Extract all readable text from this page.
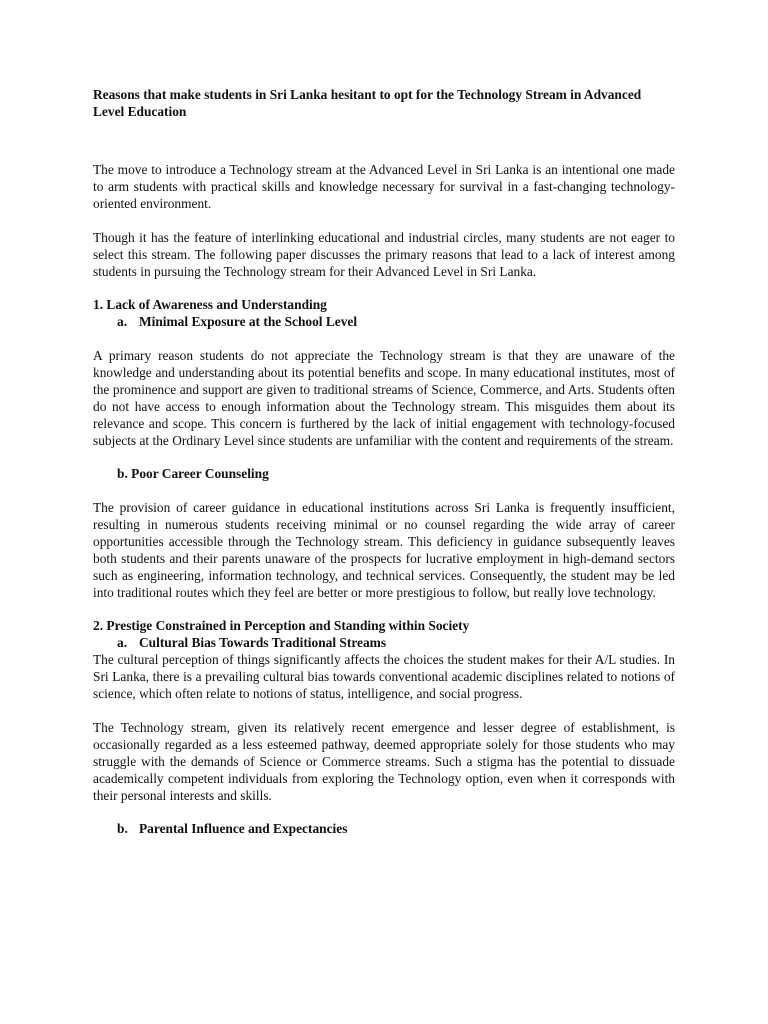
Reasons that make students in Sri Lanka hesitant to opt for the Technology Stream in Advanced Level Education

The move to introduce a Technology stream at the Advanced Level in Sri Lanka is an intentional one made to arm students with practical skills and knowledge necessary for survival in a fast-changing technology-oriented environment.

Though it has the feature of interlinking educational and industrial circles, many students are not eager to select this stream. The following paper discusses the primary reasons that lead to a lack of interest among students in pursuing the Technology stream for their Advanced Level in Sri Lanka.

1. Lack of Awareness and Understanding
a. Minimal Exposure at the School Level

A primary reason students do not appreciate the Technology stream is that they are unaware of the knowledge and understanding about its potential benefits and scope. In many educational institutes, most of the prominence and support are given to traditional streams of Science, Commerce, and Arts. Students often do not have access to enough information about the Technology stream. This misguides them about its relevance and scope. This concern is furthered by the lack of initial engagement with technology-focused subjects at the Ordinary Level since students are unfamiliar with the content and requirements of the stream.

b. Poor Career Counseling

The provision of career guidance in educational institutions across Sri Lanka is frequently insufficient, resulting in numerous students receiving minimal or no counsel regarding the wide array of career opportunities accessible through the Technology stream. This deficiency in guidance subsequently leaves both students and their parents unaware of the prospects for lucrative employment in high-demand sectors such as engineering, information technology, and technical services. Consequently, the student may be led into traditional routes which they feel are better or more prestigious to follow, but really love technology.

2. Prestige Constrained in Perception and Standing within Society
a. Cultural Bias Towards Traditional Streams

The cultural perception of things significantly affects the choices the student makes for their A/L studies. In Sri Lanka, there is a prevailing cultural bias towards conventional academic disciplines related to notions of science, which often relate to notions of status, intelligence, and social progress.

The Technology stream, given its relatively recent emergence and lesser degree of establishment, is occasionally regarded as a less esteemed pathway, deemed appropriate solely for those students who may struggle with the demands of Science or Commerce streams. Such a stigma has the potential to dissuade academically competent individuals from exploring the Technology option, even when it corresponds with their personal interests and skills.

b. Parental Influence and Expectancies
